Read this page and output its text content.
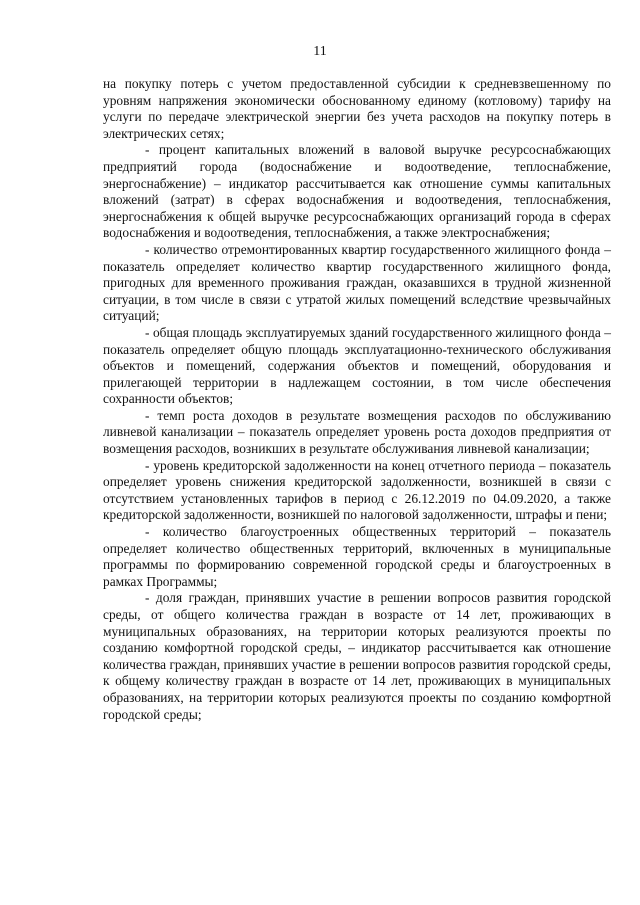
11

на покупку потерь с учетом предоставленной субсидии к средневзвешенному по уровням напряжения экономически обоснованному единому (котловому) тарифу на услуги по передаче электрической энергии без учета расходов на покупку потерь в электрических сетях;

- процент капитальных вложений в валовой выручке ресурсоснабжающих предприятий города (водоснабжение и водоотведение, теплоснабжение, энергоснабжение) – индикатор рассчитывается как отношение суммы капитальных вложений (затрат) в сферах водоснабжения и водоотведения, теплоснабжения, энергоснабжения к общей выручке ресурсоснабжающих организаций города в сферах водоснабжения и водоотведения, теплоснабжения, а также электроснабжения;

- количество отремонтированных квартир государственного жилищного фонда – показатель определяет количество квартир государственного жилищного фонда, пригодных для временного проживания граждан, оказавшихся в трудной жизненной ситуации, в том числе в связи с утратой жилых помещений вследствие чрезвычайных ситуаций;

- общая площадь эксплуатируемых зданий государственного жилищного фонда – показатель определяет общую площадь эксплуатационно-технического обслуживания объектов и помещений, содержания объектов и помещений, оборудования и прилегающей территории в надлежащем состоянии, в том числе обеспечения сохранности объектов;

- темп роста доходов в результате возмещения расходов по обслуживанию ливневой канализации – показатель определяет уровень роста доходов предприятия от возмещения расходов, возникших в результате обслуживания ливневой канализации;

- уровень кредиторской задолженности на конец отчетного периода – показатель определяет уровень снижения кредиторской задолженности, возникшей в связи с отсутствием установленных тарифов в период с 26.12.2019 по 04.09.2020, а также кредиторской задолженности, возникшей по налоговой задолженности, штрафы и пени;

- количество благоустроенных общественных территорий – показатель определяет количество общественных территорий, включенных в муниципальные программы по формированию современной городской среды и благоустроенных в рамках Программы;

- доля граждан, принявших участие в решении вопросов развития городской среды, от общего количества граждан в возрасте от 14 лет, проживающих в муниципальных образованиях, на территории которых реализуются проекты по созданию комфортной городской среды, – индикатор рассчитывается как отношение количества граждан, принявших участие в решении вопросов развития городской среды, к общему количеству граждан в возрасте от 14 лет, проживающих в муниципальных образованиях, на территории которых реализуются проекты по созданию комфортной городской среды;
